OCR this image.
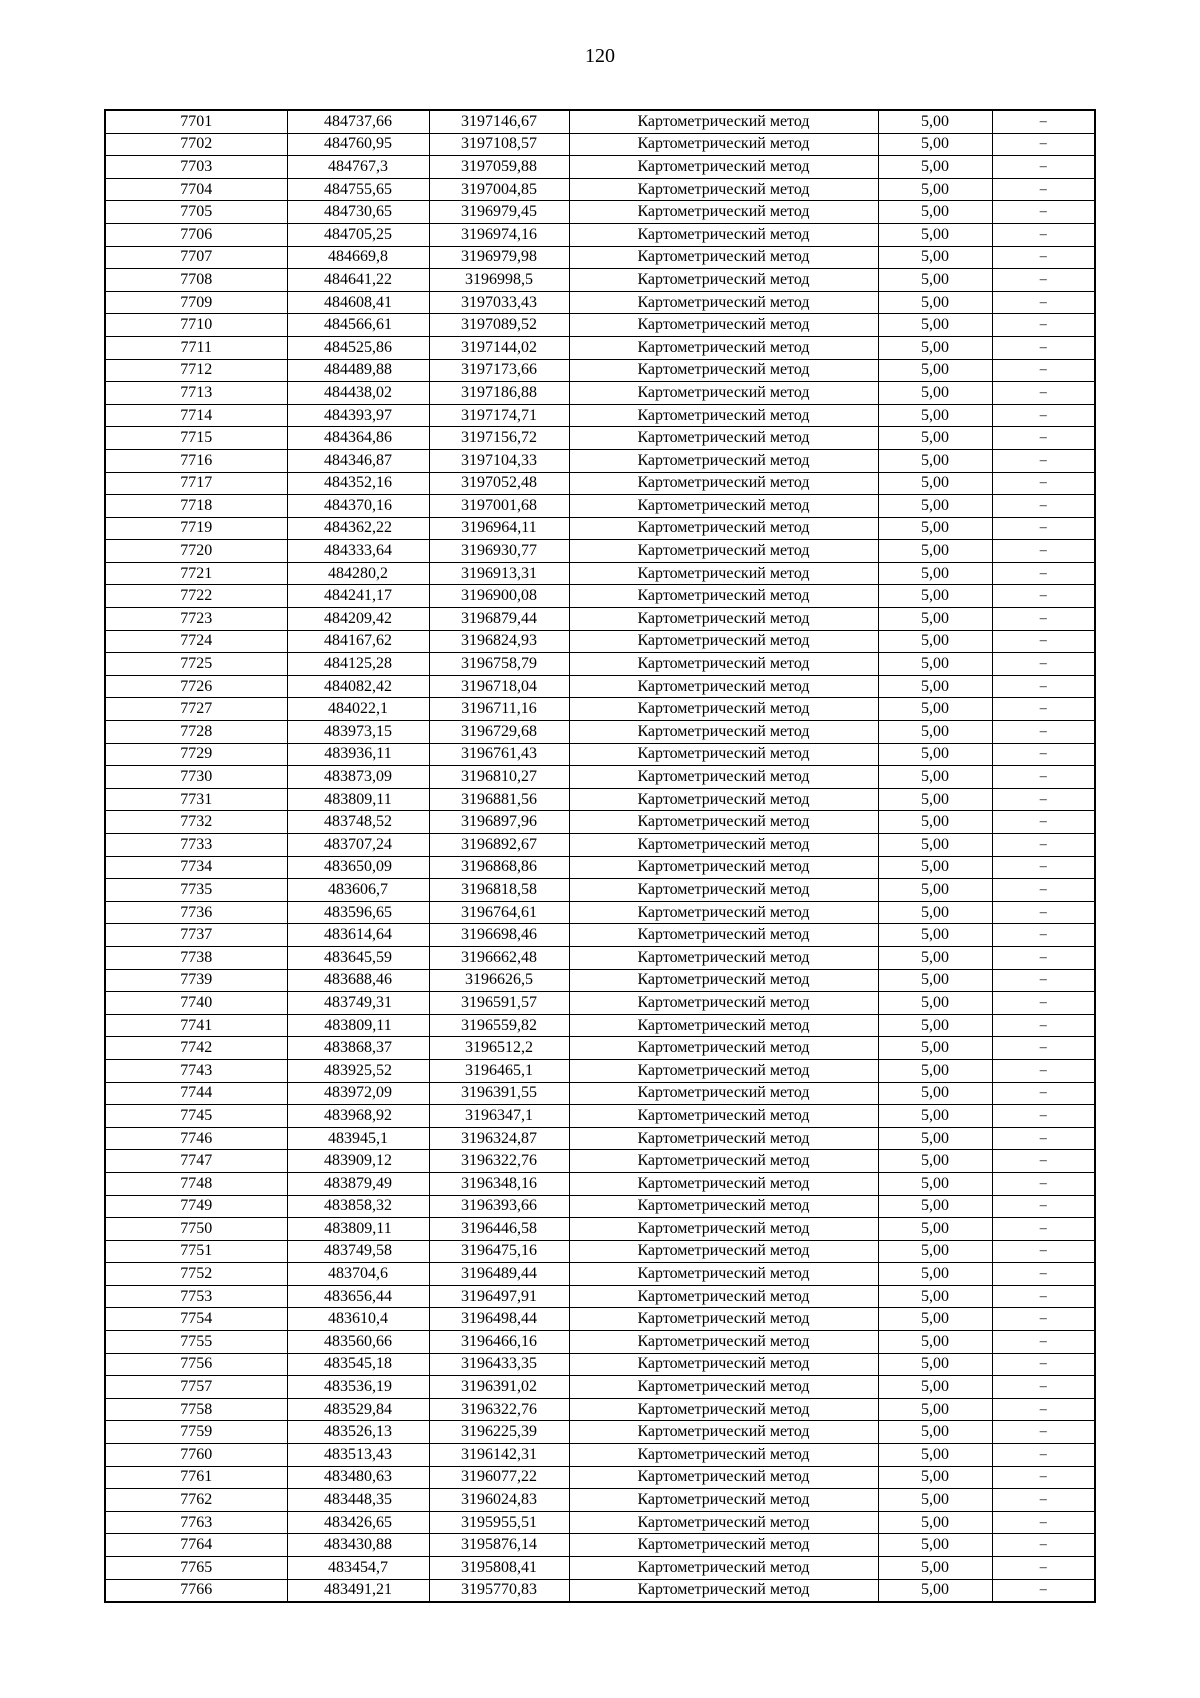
120
7701	484737,66	3197146,67	Картометрический метод	5,00	–
7702	484760,95	3197108,57	Картометрический метод	5,00	–
7703	484767,3	3197059,88	Картометрический метод	5,00	–
7704	484755,65	3197004,85	Картометрический метод	5,00	–
7705	484730,65	3196979,45	Картометрический метод	5,00	–
7706	484705,25	3196974,16	Картометрический метод	5,00	–
7707	484669,8	3196979,98	Картометрический метод	5,00	–
7708	484641,22	3196998,5	Картометрический метод	5,00	–
7709	484608,41	3197033,43	Картометрический метод	5,00	–
7710	484566,61	3197089,52	Картометрический метод	5,00	–
7711	484525,86	3197144,02	Картометрический метод	5,00	–
7712	484489,88	3197173,66	Картометрический метод	5,00	–
7713	484438,02	3197186,88	Картометрический метод	5,00	–
7714	484393,97	3197174,71	Картометрический метод	5,00	–
7715	484364,86	3197156,72	Картометрический метод	5,00	–
7716	484346,87	3197104,33	Картометрический метод	5,00	–
7717	484352,16	3197052,48	Картометрический метод	5,00	–
7718	484370,16	3197001,68	Картометрический метод	5,00	–
7719	484362,22	3196964,11	Картометрический метод	5,00	–
7720	484333,64	3196930,77	Картометрический метод	5,00	–
7721	484280,2	3196913,31	Картометрический метод	5,00	–
7722	484241,17	3196900,08	Картометрический метод	5,00	–
7723	484209,42	3196879,44	Картометрический метод	5,00	–
7724	484167,62	3196824,93	Картометрический метод	5,00	–
7725	484125,28	3196758,79	Картометрический метод	5,00	–
7726	484082,42	3196718,04	Картометрический метод	5,00	–
7727	484022,1	3196711,16	Картометрический метод	5,00	–
7728	483973,15	3196729,68	Картометрический метод	5,00	–
7729	483936,11	3196761,43	Картометрический метод	5,00	–
7730	483873,09	3196810,27	Картометрический метод	5,00	–
7731	483809,11	3196881,56	Картометрический метод	5,00	–
7732	483748,52	3196897,96	Картометрический метод	5,00	–
7733	483707,24	3196892,67	Картометрический метод	5,00	–
7734	483650,09	3196868,86	Картометрический метод	5,00	–
7735	483606,7	3196818,58	Картометрический метод	5,00	–
7736	483596,65	3196764,61	Картометрический метод	5,00	–
7737	483614,64	3196698,46	Картометрический метод	5,00	–
7738	483645,59	3196662,48	Картометрический метод	5,00	–
7739	483688,46	3196626,5	Картометрический метод	5,00	–
7740	483749,31	3196591,57	Картометрический метод	5,00	–
7741	483809,11	3196559,82	Картометрический метод	5,00	–
7742	483868,37	3196512,2	Картометрический метод	5,00	–
7743	483925,52	3196465,1	Картометрический метод	5,00	–
7744	483972,09	3196391,55	Картометрический метод	5,00	–
7745	483968,92	3196347,1	Картометрический метод	5,00	–
7746	483945,1	3196324,87	Картометрический метод	5,00	–
7747	483909,12	3196322,76	Картометрический метод	5,00	–
7748	483879,49	3196348,16	Картометрический метод	5,00	–
7749	483858,32	3196393,66	Картометрический метод	5,00	–
7750	483809,11	3196446,58	Картометрический метод	5,00	–
7751	483749,58	3196475,16	Картометрический метод	5,00	–
7752	483704,6	3196489,44	Картометрический метод	5,00	–
7753	483656,44	3196497,91	Картометрический метод	5,00	–
7754	483610,4	3196498,44	Картометрический метод	5,00	–
7755	483560,66	3196466,16	Картометрический метод	5,00	–
7756	483545,18	3196433,35	Картометрический метод	5,00	–
7757	483536,19	3196391,02	Картометрический метод	5,00	–
7758	483529,84	3196322,76	Картометрический метод	5,00	–
7759	483526,13	3196225,39	Картометрический метод	5,00	–
7760	483513,43	3196142,31	Картометрический метод	5,00	–
7761	483480,63	3196077,22	Картометрический метод	5,00	–
7762	483448,35	3196024,83	Картометрический метод	5,00	–
7763	483426,65	3195955,51	Картометрический метод	5,00	–
7764	483430,88	3195876,14	Картометрический метод	5,00	–
7765	483454,7	3195808,41	Картометрический метод	5,00	–
7766	483491,21	3195770,83	Картометрический метод	5,00	–
